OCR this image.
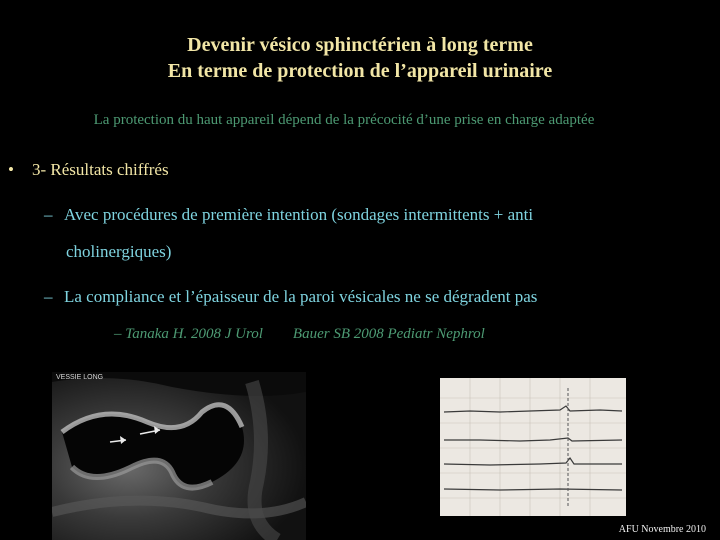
Devenir vésico sphinctérien à long terme
En terme de protection de l’appareil urinaire
La protection du haut appareil dépend de la précocité d’une prise en charge adaptée
• 3- Résultats chiffrés
– Avec procédures de première intention (sondages intermittents + anti
cholinergiques)
– La compliance et l’épaisseur de la paroi vésicales ne se dégradent pas
– Tanaka H. 2008 J Urol Bauer SB 2008 Pediatr Nephrol
VESSIE LONG
AFU Novembre 2010
